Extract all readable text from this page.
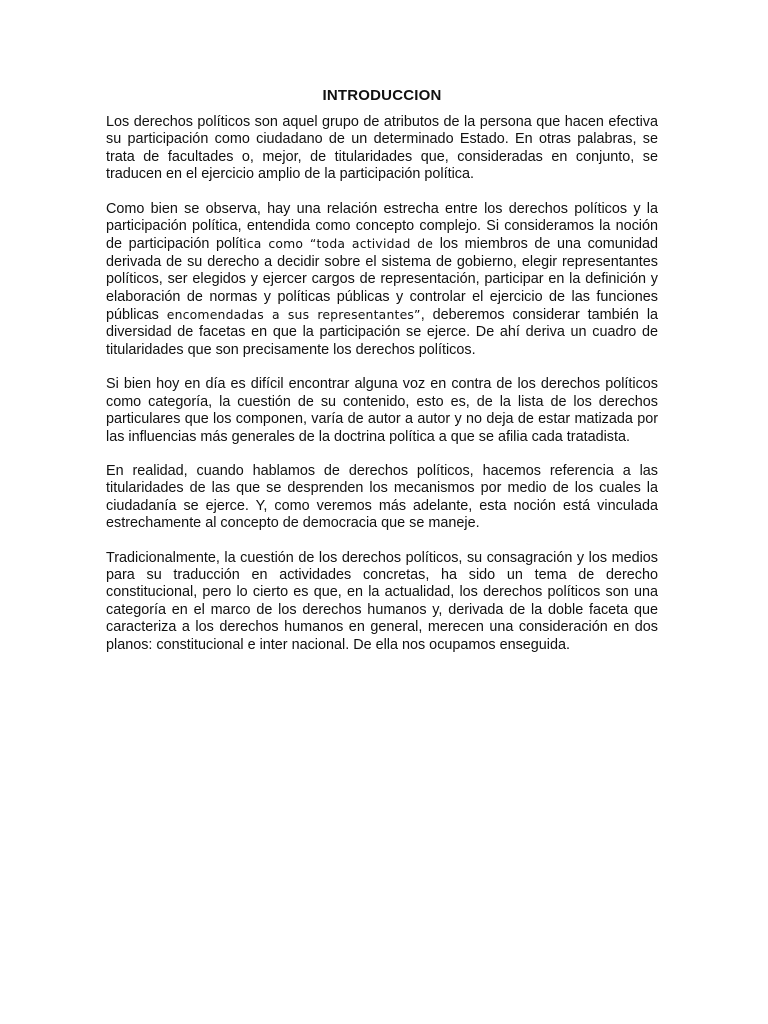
INTRODUCCION

Los derechos políticos son aquel grupo de atributos de la persona que hacen efectiva su participación como ciudadano de un determinado Estado. En otras palabras, se trata de facultades o, mejor, de titularidades que, consideradas en conjunto, se traducen en el ejercicio amplio de la participación política.

Como bien se observa, hay una relación estrecha entre los derechos políticos y la participación política, entendida como concepto complejo. Si consideramos la noción de participación política como “toda actividad de los miembros de una comunidad derivada de su derecho a decidir sobre el sistema de gobierno, elegir representantes políticos, ser elegidos y ejercer cargos de representación, participar en la definición y elaboración de normas y políticas públicas y controlar el ejercicio de las funciones públicas encomendadas a sus representantes”, deberemos considerar también la diversidad de facetas en que la participación se ejerce. De ahí deriva un cuadro de titularidades que son precisamente los derechos políticos.

Si bien hoy en día es difícil encontrar alguna voz en contra de los derechos políticos como categoría, la cuestión de su contenido, esto es, de la lista de los derechos particulares que los componen, varía de autor a autor y no deja de estar matizada por las influencias más generales de la doctrina política a que se afilia cada tratadista.

En realidad, cuando hablamos de derechos políticos, hacemos referencia a las titularidades de las que se desprenden los mecanismos por medio de los cuales la ciudadanía se ejerce. Y, como veremos más adelante, esta noción está vinculada estrechamente al concepto de democracia que se maneje.

Tradicionalmente, la cuestión de los derechos políticos, su consagración y los medios para su traducción en actividades concretas, ha sido un tema de derecho constitucional, pero lo cierto es que, en la actualidad, los derechos políticos son una categoría en el marco de los derechos humanos y, derivada de la doble faceta que caracteriza a los derechos humanos en general, merecen una consideración en dos planos: constitucional e inter nacional. De ella nos ocupamos enseguida.
